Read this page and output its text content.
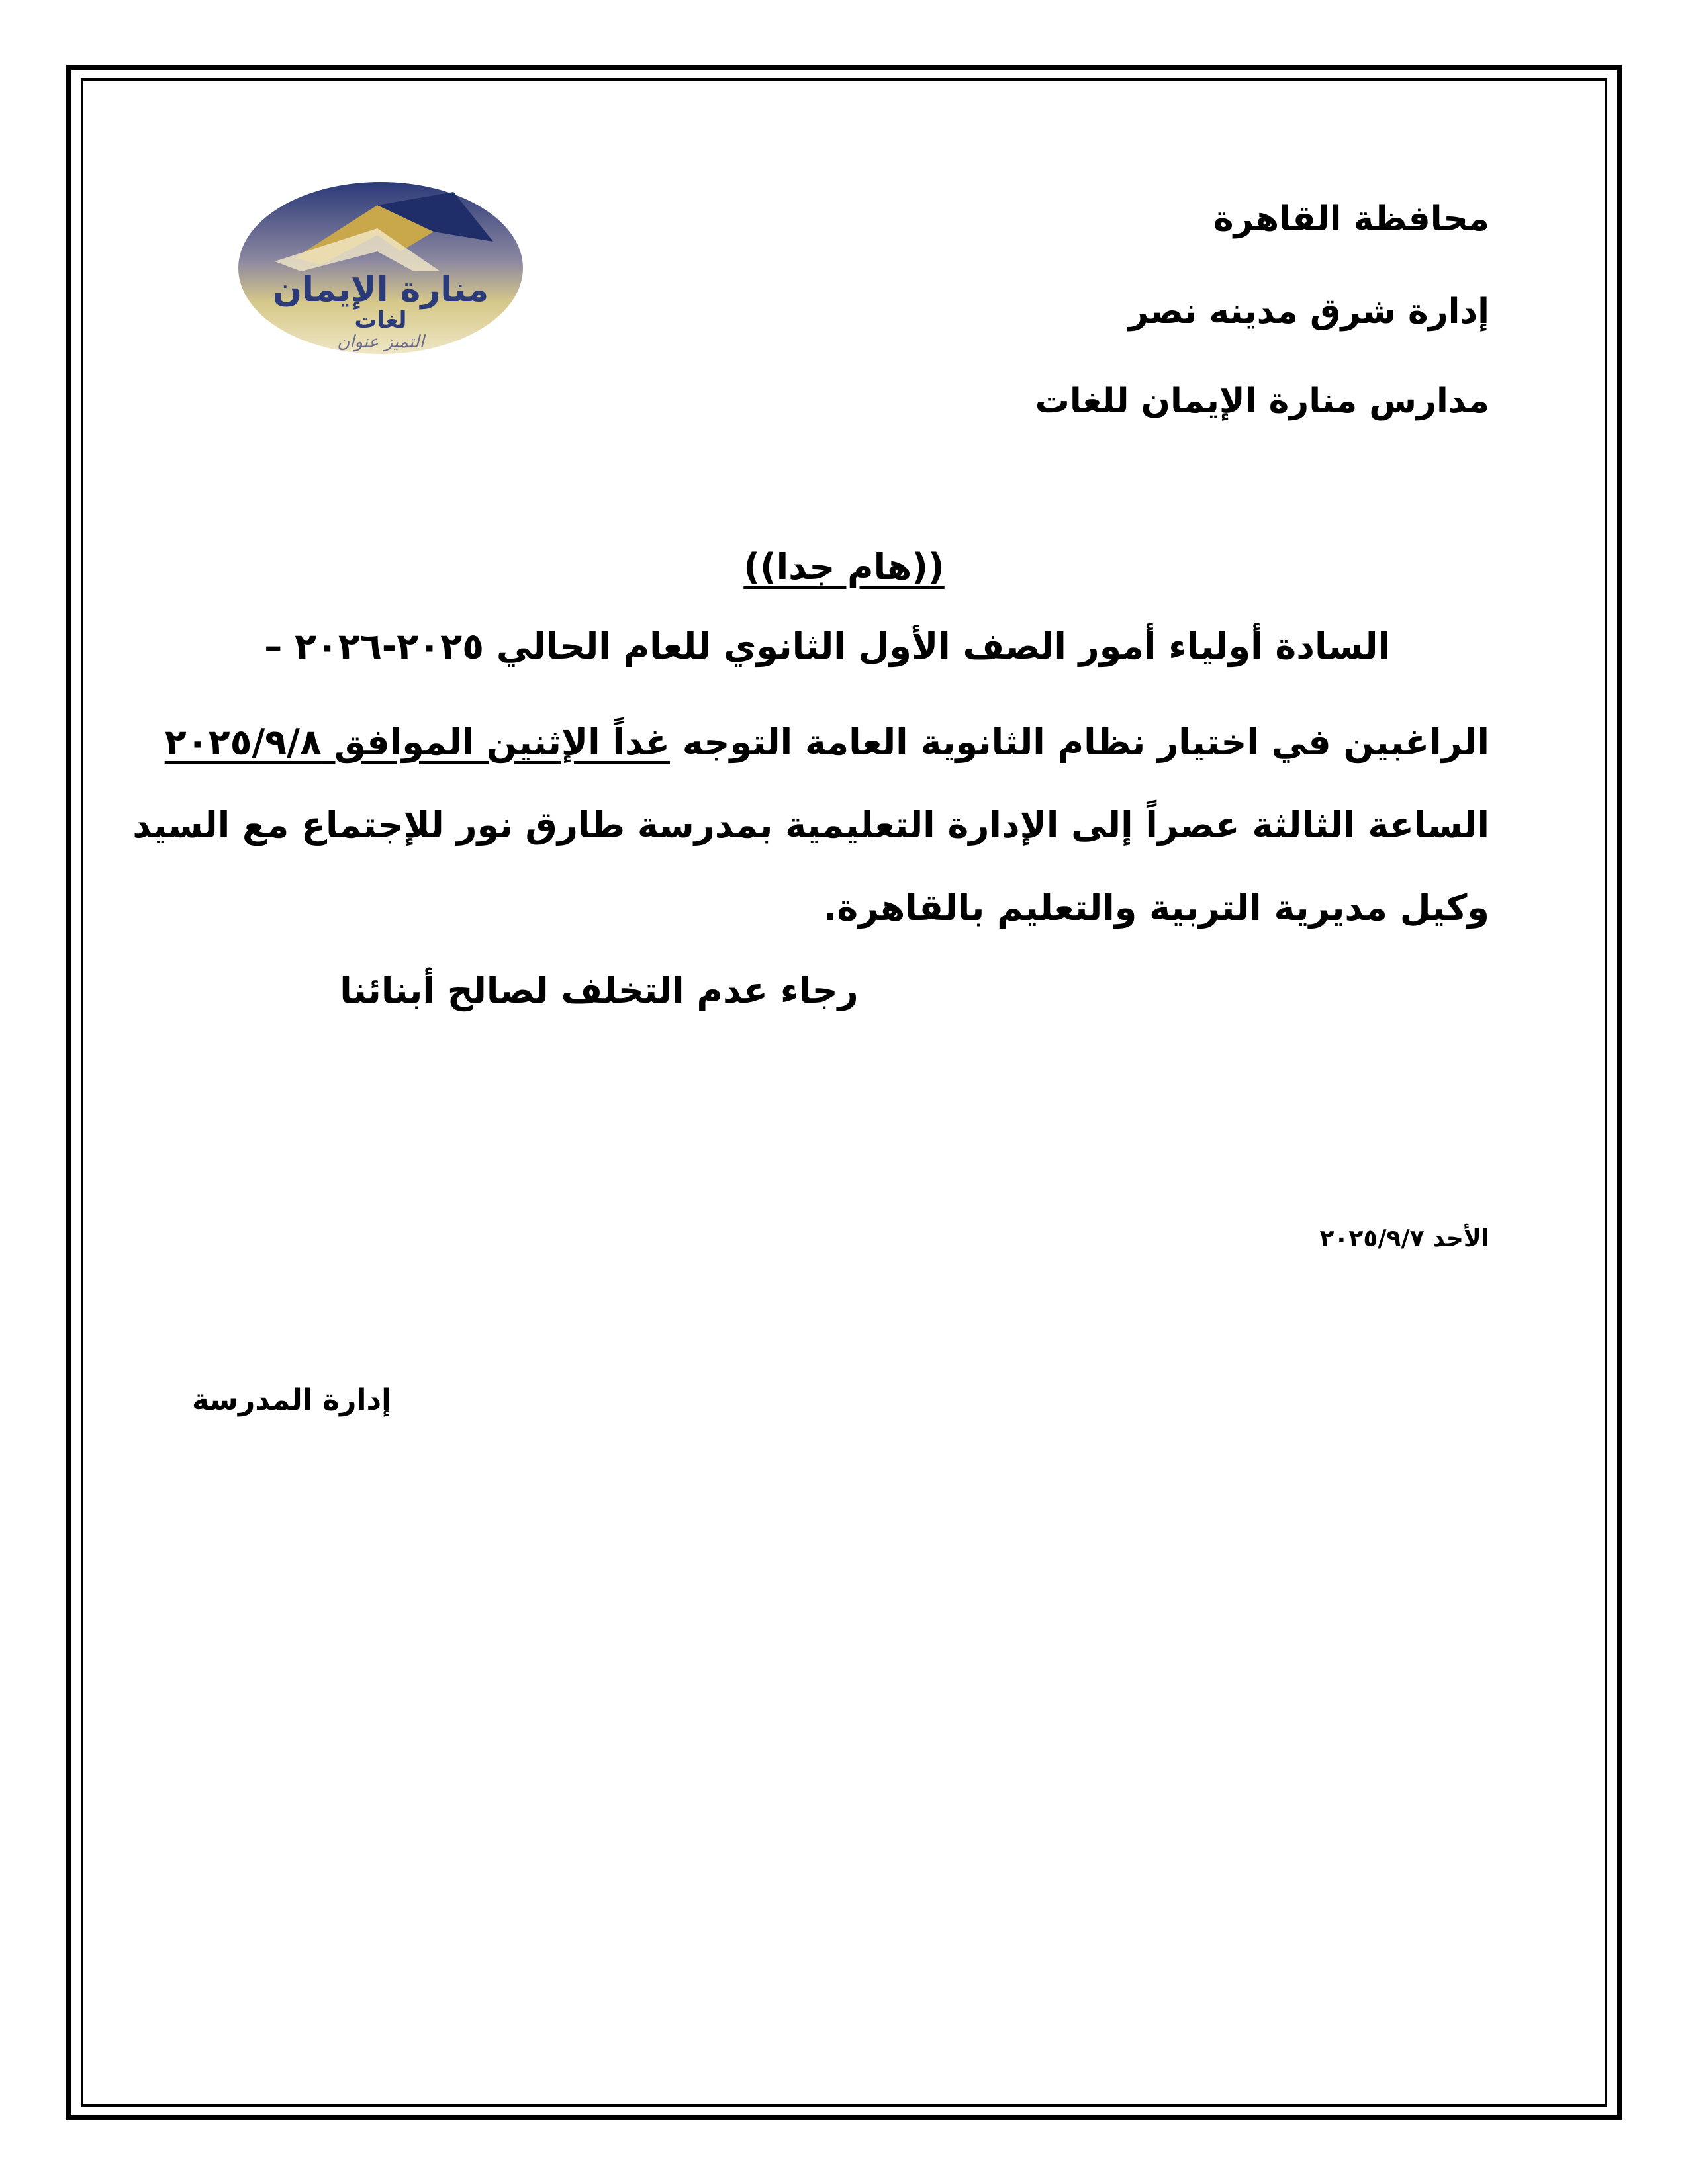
منارة الإيمان
لغات
التميز عنوان
محافظة القاهرة
إدارة شرق مدينه نصر
مدارس منارة الإيمان للغات
((هام جدا))
السادة أولياء أمور الصف الأول الثانوي للعام الحالي ٢٠٢٥-٢٠٢٦ –
الراغبين في اختيار نظام الثانوية العامة التوجه غداً الإثنين الموافق ٢٠٢٥/٩/٨
الساعة الثالثة عصراً إلى الإدارة التعليمية بمدرسة طارق نور للإجتماع مع السيد
وكيل مديرية التربية والتعليم بالقاهرة.
رجاء عدم التخلف لصالح أبنائنا
الأحد ٢٠٢٥/٩/٧
إدارة المدرسة
